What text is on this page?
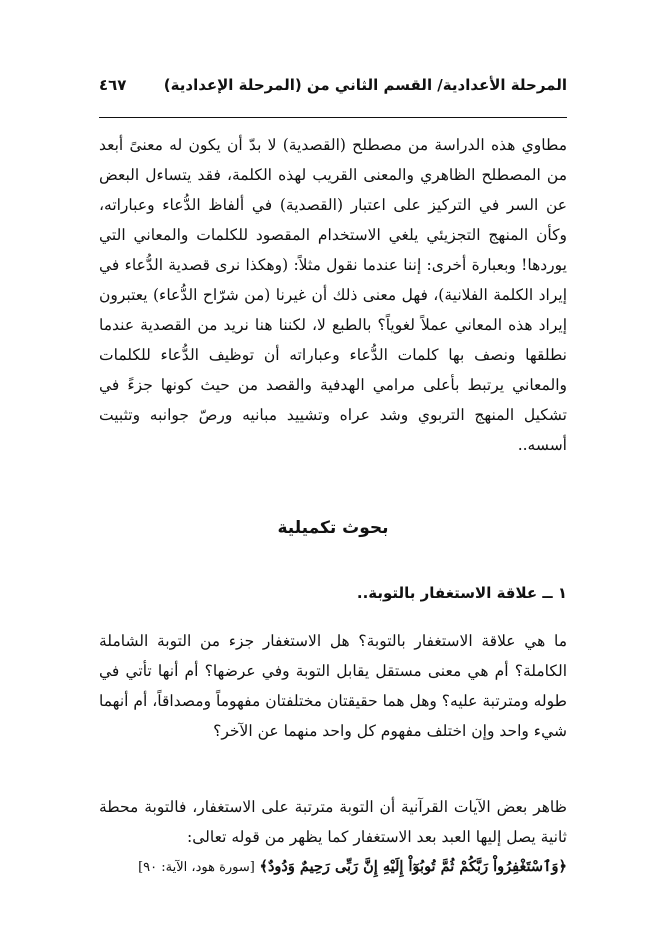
المرحلة الأعدادية/ القسم الثاني من (المرحلة الإعدادية)
٤٦٧

مطاوي هذه الدراسة من مصطلح (القصدية) لا بدّ أن يكون له معنىً أبعد من المصطلح الظاهري والمعنى القريب لهذه الكلمة، فقد يتساءل البعض عن السر في التركيز على اعتبار (القصدية) في ألفاظ الدُّعاء وعباراته، وكأن المنهج التجزيئي يلغي الاستخدام المقصود للكلمات والمعاني التي يوردها! وبعبارة أخرى: إننا عندما نقول مثلاً: (وهكذا نرى قصدية الدُّعاء في إيراد الكلمة الفلانية)، فهل معنى ذلك أن غيرنا (من شرّاح الدُّعاء) يعتبرون إيراد هذه المعاني عملاً لغوياً؟ بالطبع لا، لكننا هنا نريد من القصدية عندما نطلقها ونصف بها كلمات الدُّعاء وعباراته أن توظيف الدُّعاء للكلمات والمعاني يرتبط بأعلى مرامي الهدفية والقصد من حيث كونها جزءً في تشكيل المنهج التربوي وشد عراه وتشييد مبانيه ورصّ جوانبه وتثبيت أسسه..

بحوث تكميلية
١ ــ علاقة الاستغفار بالتوبة..

ما هي علاقة الاستغفار بالتوبة؟ هل الاستغفار جزء من التوبة الشاملة الكاملة؟ أم هي معنى مستقل يقابل التوبة وفي عرضها؟ أم أنها تأتي في طوله ومترتبة عليه؟ وهل هما حقيقتان مختلفتان مفهوماً ومصداقاً، أم أنهما شيء واحد وإن اختلف مفهوم كل واحد منهما عن الآخر؟

ظاهر بعض الآيات القرآنية أن التوبة مترتبة على الاستغفار، فالتوبة محطة ثانية يصل إليها العبد بعد الاستغفار كما يظهر من قوله تعالى:
﴿وَٱسْتَغْفِرُواْ رَبَّكُمْ ثُمَّ تُوبُوٓاْ إِلَيْهِ إِنَّ رَبِّى رَحِيمٌ وَدُودٌ﴾ [سورة هود، الآية: ٩٠]
